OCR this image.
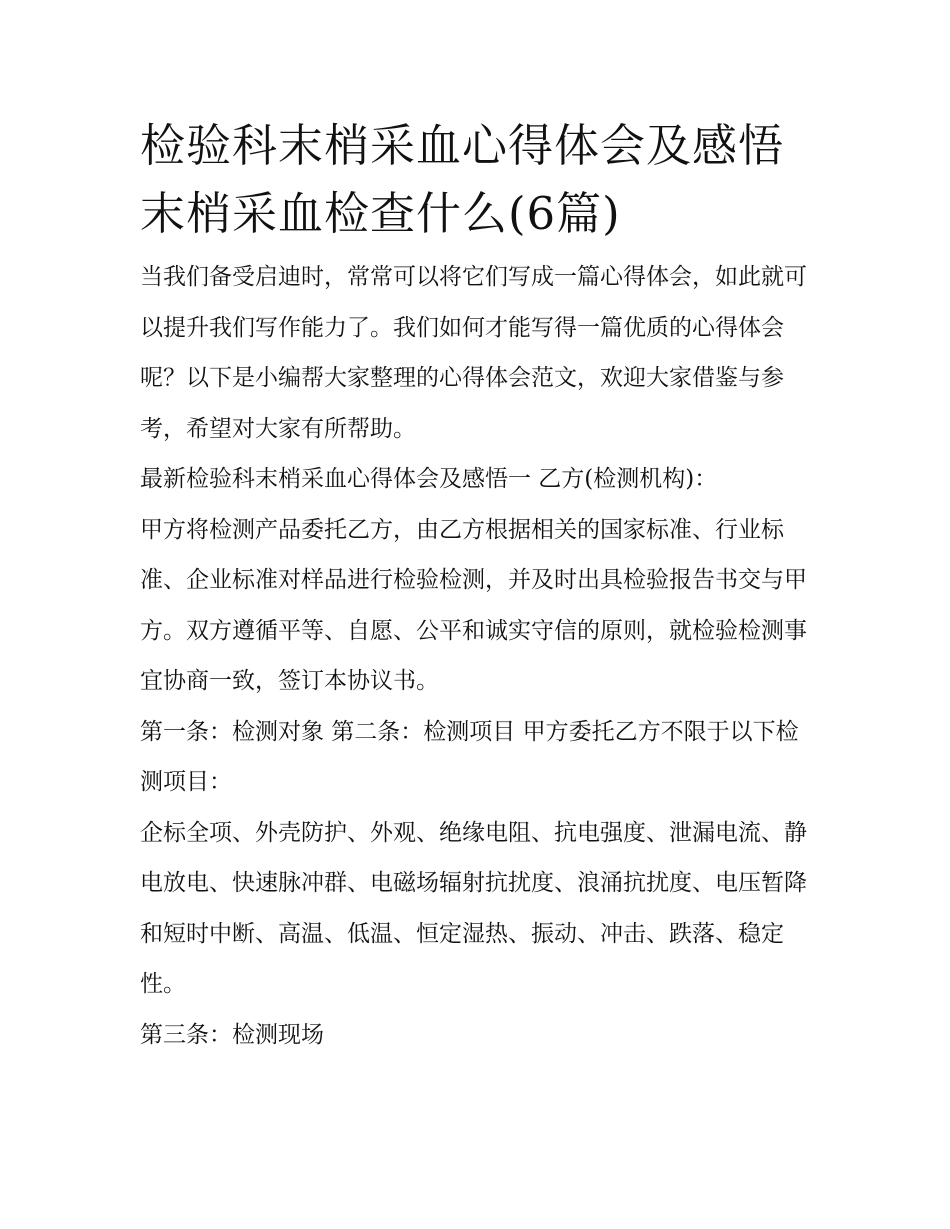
检验科末梢采血心得体会及感悟 末梢采血检查什么(6篇)

当我们备受启迪时，常常可以将它们写成一篇心得体会，如此就可以提升我们写作能力了。我们如何才能写得一篇优质的心得体会呢？以下是小编帮大家整理的心得体会范文，欢迎大家借鉴与参考，希望对大家有所帮助。

最新检验科末梢采血心得体会及感悟一 乙方(检测机构)：

甲方将检测产品委托乙方，由乙方根据相关的国家标准、行业标准、企业标准对样品进行检验检测，并及时出具检验报告书交与甲方。双方遵循平等、自愿、公平和诚实守信的原则，就检验检测事宜协商一致，签订本协议书。

第一条：检测对象 第二条：检测项目 甲方委托乙方不限于以下检测项目：

企标全项、外壳防护、外观、绝缘电阻、抗电强度、泄漏电流、静电放电、快速脉冲群、电磁场辐射抗扰度、浪涌抗扰度、电压暂降和短时中断、高温、低温、恒定湿热、振动、冲击、跌落、稳定性。

第三条：检测现场
